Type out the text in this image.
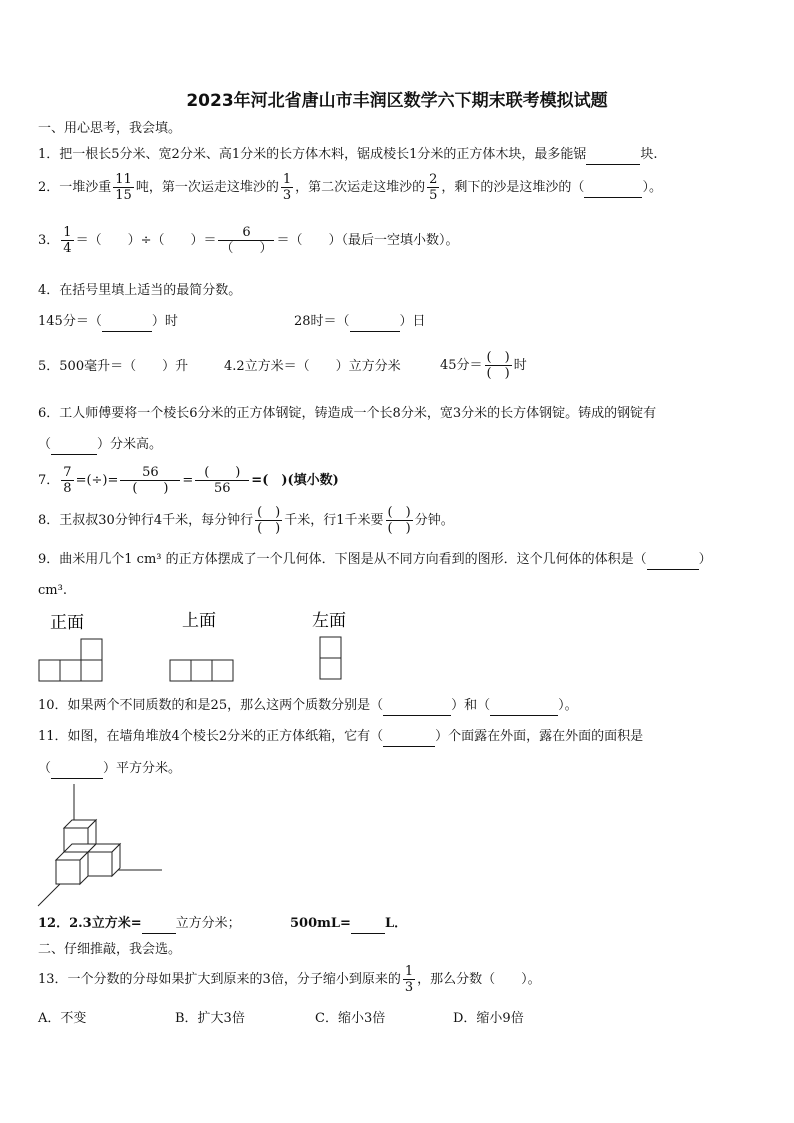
2023年河北省唐山市丰润区数学六下期末联考模拟试题
一、用心思考，我会填。
1．把一根长5分米、宽2分米、高1分米的长方体木料，锯成棱长1分米的正方体木块，最多能锯	块.
2．一堆沙重 $\frac{11}{15}$ 吨，第一次运走这堆沙的 $\frac{1}{3}$ ，第二次运走这堆沙的 $\frac{2}{5}$ ，剩下的沙是这堆沙的（	）。
3． $\frac{1}{4}$ ＝（　　）÷（　　）＝ $\frac{6}{( )}$ ＝（　　）（最后一空填小数）。
4．在括号里填上适当的最简分数。
145分＝（	）时	28时＝（	）日
5．500毫升＝（　　）升	4.2立方米＝（　　）立方分米	45分＝ $\frac{( )}{( )}$ 时
6．工人师傅要将一个棱长6分米的正方体钢锭，铸造成一个长8分米，宽3分米的长方体钢锭。铸成的钢锭有
（	）分米高。
7． $\frac{7}{8}$ =(÷)= $\frac{56}{( )} = \frac{( )}{56}$ =(　)(填小数)
8．王叔叔30分钟行4千米，每分钟行 $\frac{( )}{( )}$ 千米，行1千米要 $\frac{( )}{( )}$ 分钟。
9．曲米用几个1 cm³ 的正方体摆成了一个几何体．下图是从不同方向看到的图形．这个几何体的体积是（	）
cm³.
正面	上面	左面
10．如果两个不同质数的和是25，那么这两个质数分别是（	）和（	）。
11．如图，在墙角堆放4个棱长2分米的正方体纸箱，它有（	）个面露在外面，露在外面的面积是
（	）平方分米。
12．2.3立方米=	立方分米；	500mL=	L．
二、仔细推敲，我会选。
13．一个分数的分母如果扩大到原来的3倍，分子缩小到原来的 $\frac{1}{3}$ ，那么分数（　　）。
A．不变	B．扩大3倍	C．缩小3倍	D．缩小9倍
